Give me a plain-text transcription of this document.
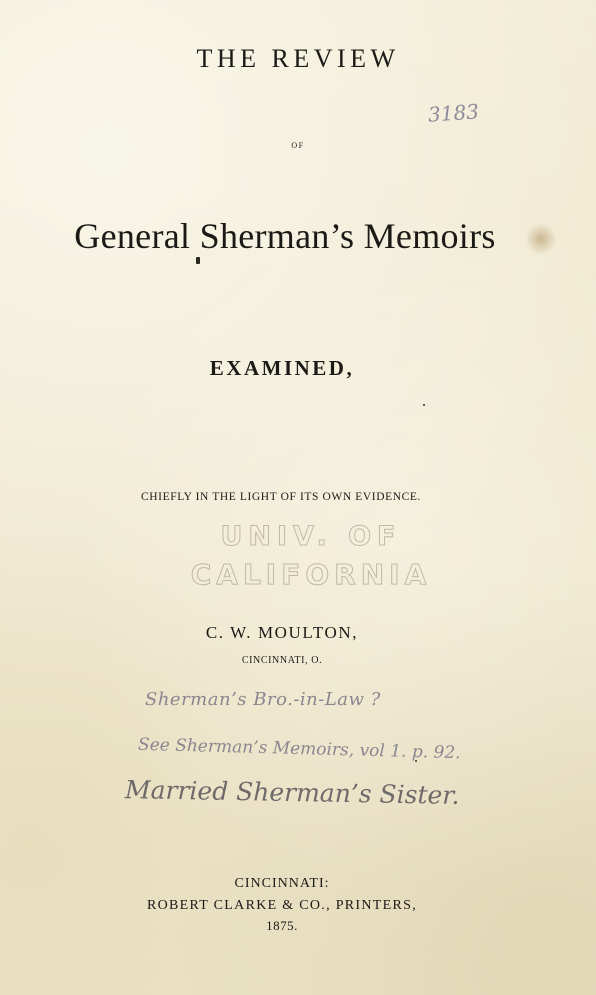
THE REVIEW

OF

General Sherman’s Memoirs

EXAMINED,

CHIEFLY IN THE LIGHT OF ITS OWN EVIDENCE.

UNIV. OF

CALIFORNIA

C. W. MOULTON,

CINCINNATI, O.

3183

Sherman’s Bro.-in-Law ?

See Sherman’s Memoirs, vol 1. p. 92.

Married Sherman’s Sister.

CINCINNATI:

ROBERT CLARKE & CO., PRINTERS,

1875.
